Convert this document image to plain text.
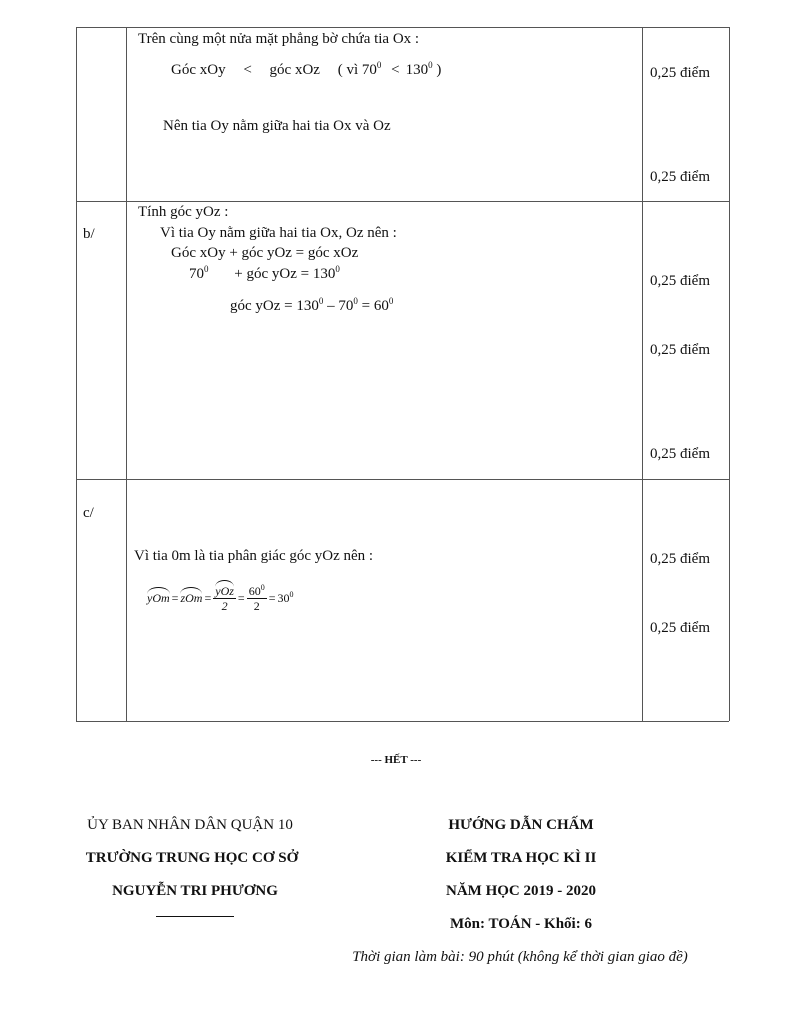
Trên cùng một nửa mặt phẳng bờ chứa tia Ox :
Góc xOy < góc xOz ( vì $70^0 < 130^0$ )
Nên tia Oy nằm giữa hai tia Ox và Oz
0,25 điểm
0,25 điểm
b/
Tính góc yOz :
Vì tia Oy nằm giữa hai tia Ox, Oz nên :
Góc xOy + góc yOz = góc xOz
$70^0$ + góc yOz = $130^0$
góc yOz = $130^0 - 70^0 = 60^0$
0,25 điểm
0,25 điểm
0,25 điểm
c/
Vì tia 0m là tia phân giác góc yOz nên :
yOm = zOm = $\frac{\text{yOz}}{2} = \frac{60^0}{2} = 30^0$
0,25 điểm
0,25 điểm
--- HẾT ---
ỦY BAN NHÂN DÂN QUẬN 10
TRƯỜNG TRUNG HỌC CƠ SỞ
NGUYỄN TRI PHƯƠNG
HƯỚNG DẪN CHẤM
KIỂM TRA HỌC KÌ II
NĂM HỌC 2019 - 2020
Môn: TOÁN - Khối: 6
Thời gian làm bài: 90 phút (không kể thời gian giao đề)
